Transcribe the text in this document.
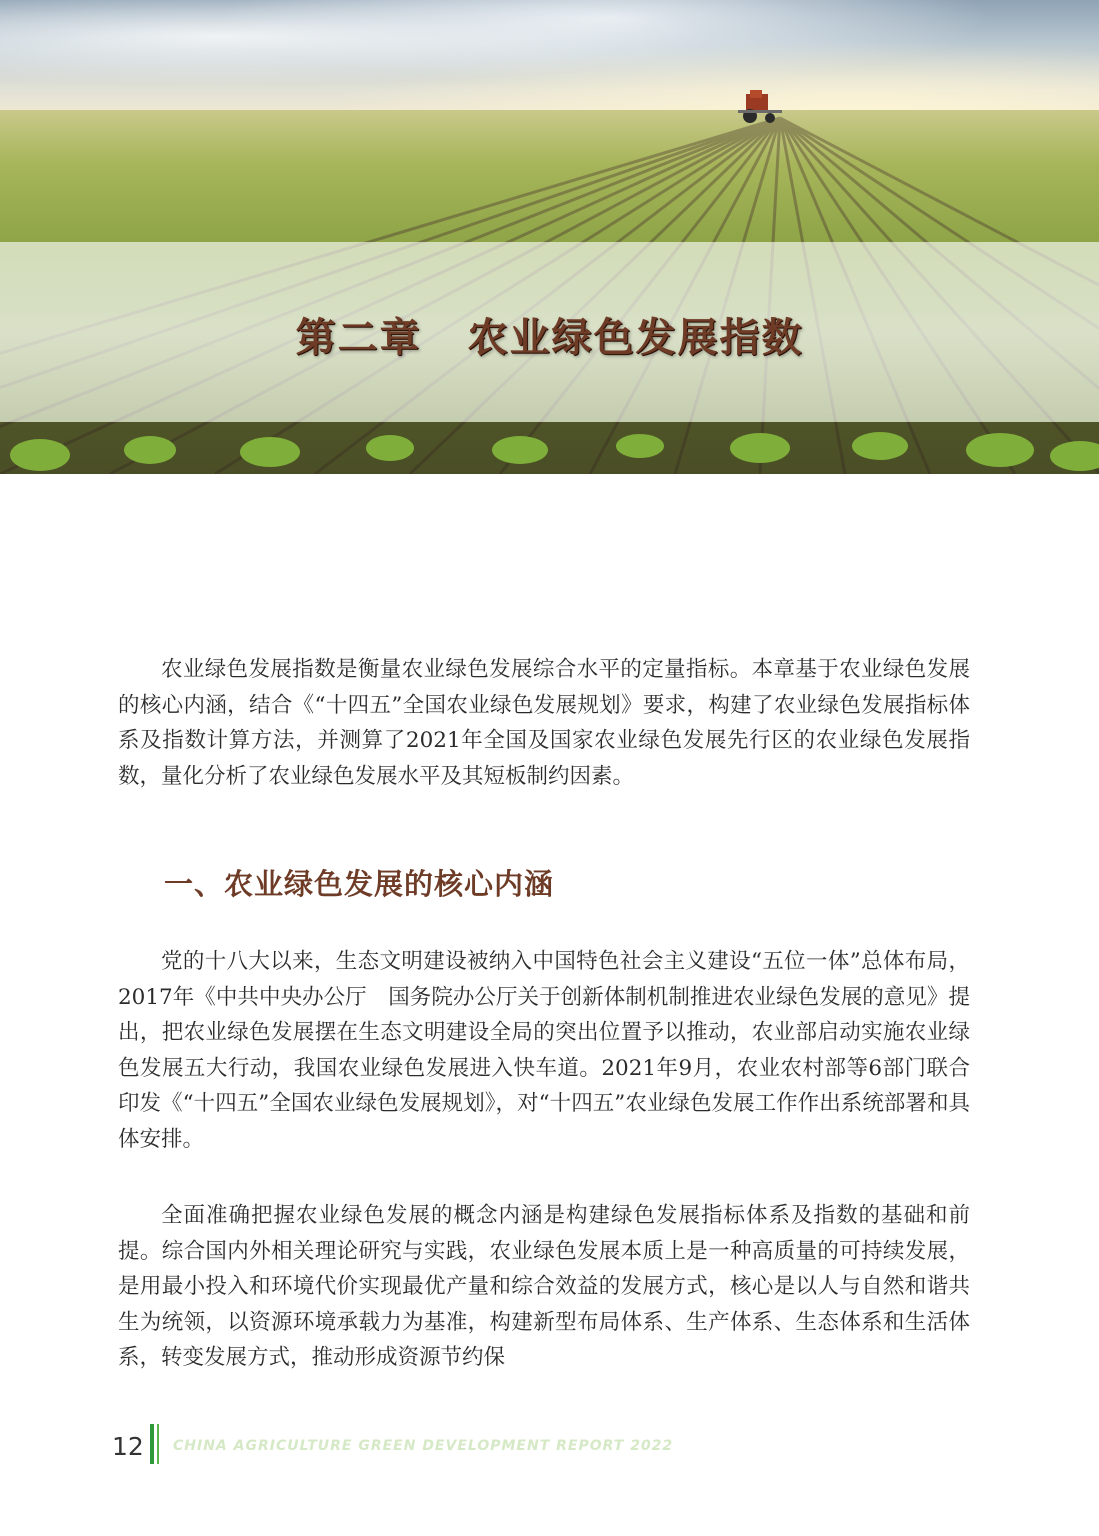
第二章 农业绿色发展指数

农业绿色发展指数是衡量农业绿色发展综合水平的定量指标。本章基于农业绿色发展的核心内涵，结合《“十四五”全国农业绿色发展规划》要求，构建了农业绿色发展指标体系及指数计算方法，并测算了2021年全国及国家农业绿色发展先行区的农业绿色发展指数，量化分析了农业绿色发展水平及其短板制约因素。

一、农业绿色发展的核心内涵

党的十八大以来，生态文明建设被纳入中国特色社会主义建设“五位一体”总体布局，2017年《中共中央办公厅　国务院办公厅关于创新体制机制推进农业绿色发展的意见》提出，把农业绿色发展摆在生态文明建设全局的突出位置予以推动，农业部启动实施农业绿色发展五大行动，我国农业绿色发展进入快车道。2021年9月，农业农村部等6部门联合印发《“十四五”全国农业绿色发展规划》，对“十四五”农业绿色发展工作作出系统部署和具体安排。

全面准确把握农业绿色发展的概念内涵是构建绿色发展指标体系及指数的基础和前提。综合国内外相关理论研究与实践，农业绿色发展本质上是一种高质量的可持续发展，是用最小投入和环境代价实现最优产量和综合效益的发展方式，核心是以人与自然和谐共生为统领，以资源环境承载力为基准，构建新型布局体系、生产体系、生态体系和生活体系，转变发展方式，推动形成资源节约保

12 CHINA AGRICULTURE GREEN DEVELOPMENT REPORT 2022
